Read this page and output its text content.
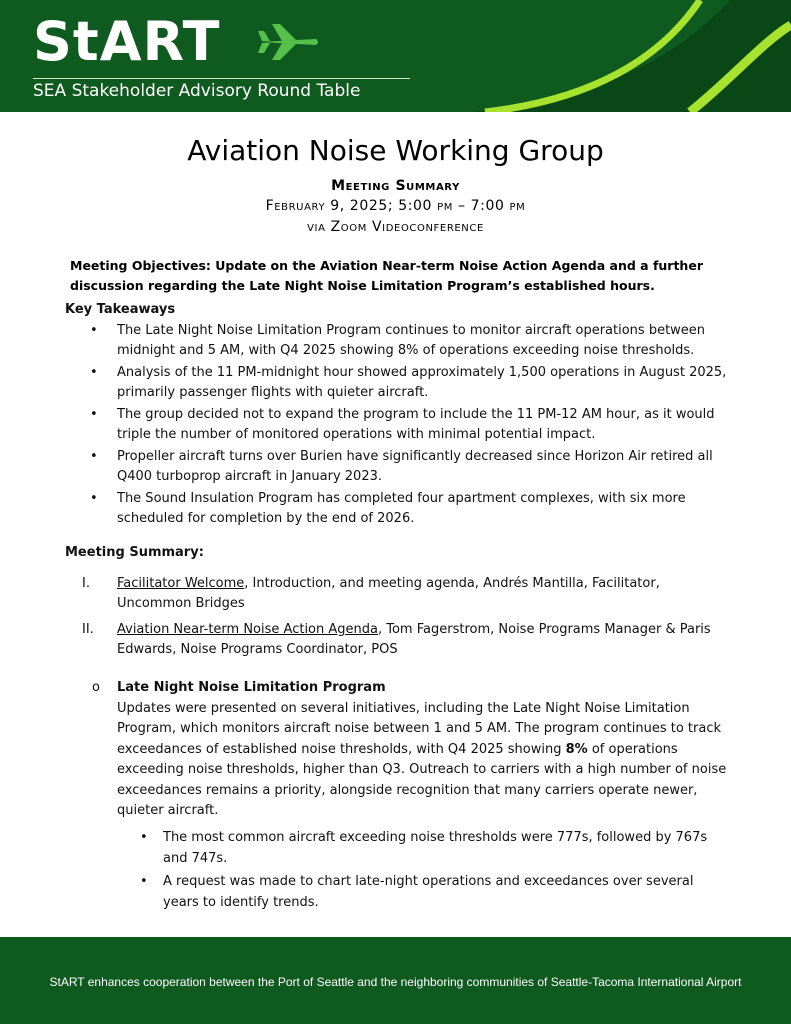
StART
SEA Stakeholder Advisory Round Table
Aviation Noise Working Group
Meeting Summary
February 9, 2025; 5:00 pm – 7:00 pm
via Zoom Videoconference
Meeting Objectives: Update on the Aviation Near-term Noise Action Agenda and a further discussion regarding the Late Night Noise Limitation Program’s established hours.
Key Takeaways
• The Late Night Noise Limitation Program continues to monitor aircraft operations between midnight and 5 AM, with Q4 2025 showing 8% of operations exceeding noise thresholds.
• Analysis of the 11 PM-midnight hour showed approximately 1,500 operations in August 2025, primarily passenger flights with quieter aircraft.
• The group decided not to expand the program to include the 11 PM-12 AM hour, as it would triple the number of monitored operations with minimal potential impact.
• Propeller aircraft turns over Burien have significantly decreased since Horizon Air retired all Q400 turboprop aircraft in January 2023.
• The Sound Insulation Program has completed four apartment complexes, with six more scheduled for completion by the end of 2026.
Meeting Summary:
I.	Facilitator Welcome, Introduction, and meeting agenda, Andrés Mantilla, Facilitator, Uncommon Bridges
II.	Aviation Near-term Noise Action Agenda, Tom Fagerstrom, Noise Programs Manager & Paris Edwards, Noise Programs Coordinator, POS
o Late Night Noise Limitation Program
Updates were presented on several initiatives, including the Late Night Noise Limitation Program, which monitors aircraft noise between 1 and 5 AM. The program continues to track exceedances of established noise thresholds, with Q4 2025 showing 8% of operations exceeding noise thresholds, higher than Q3. Outreach to carriers with a high number of noise exceedances remains a priority, alongside recognition that many carriers operate newer, quieter aircraft.
• The most common aircraft exceeding noise thresholds were 777s, followed by 767s and 747s.
• A request was made to chart late-night operations and exceedances over several years to identify trends.
StART enhances cooperation between the Port of Seattle and the neighboring communities of Seattle-Tacoma International Airport
